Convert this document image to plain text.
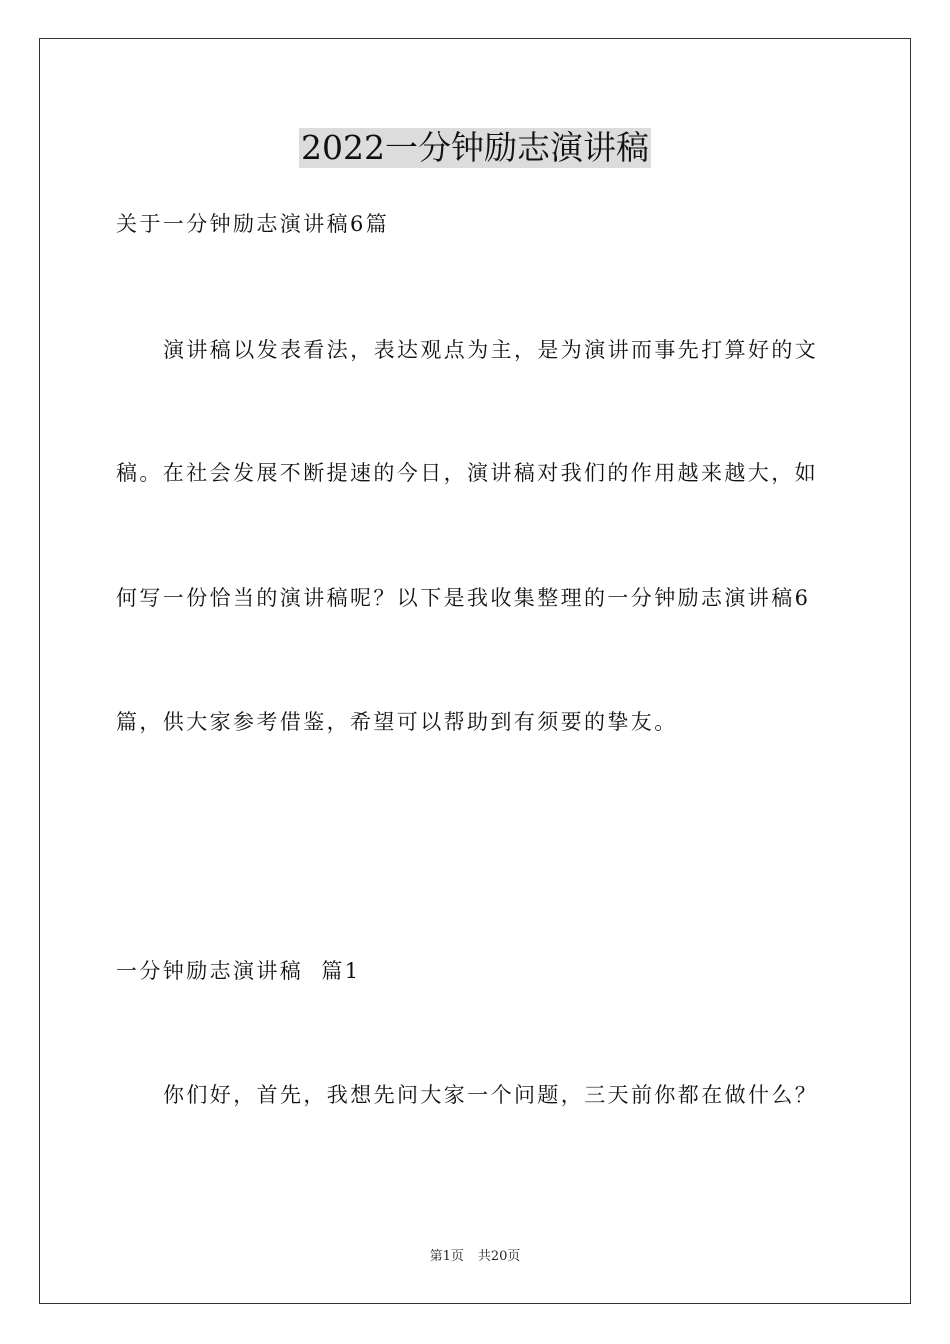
2022一分钟励志演讲稿
关于一分钟励志演讲稿6篇
演讲稿以发表看法，表达观点为主，是为演讲而事先打算好的文
稿。在社会发展不断提速的今日，演讲稿对我们的作用越来越大，如
何写一份恰当的演讲稿呢？以下是我收集整理的一分钟励志演讲稿6
篇，供大家参考借鉴，希望可以帮助到有须要的挚友。
一分钟励志演讲稿  篇1
你们好，首先，我想先问大家一个问题，三天前你都在做什么？
第1页 共20页
